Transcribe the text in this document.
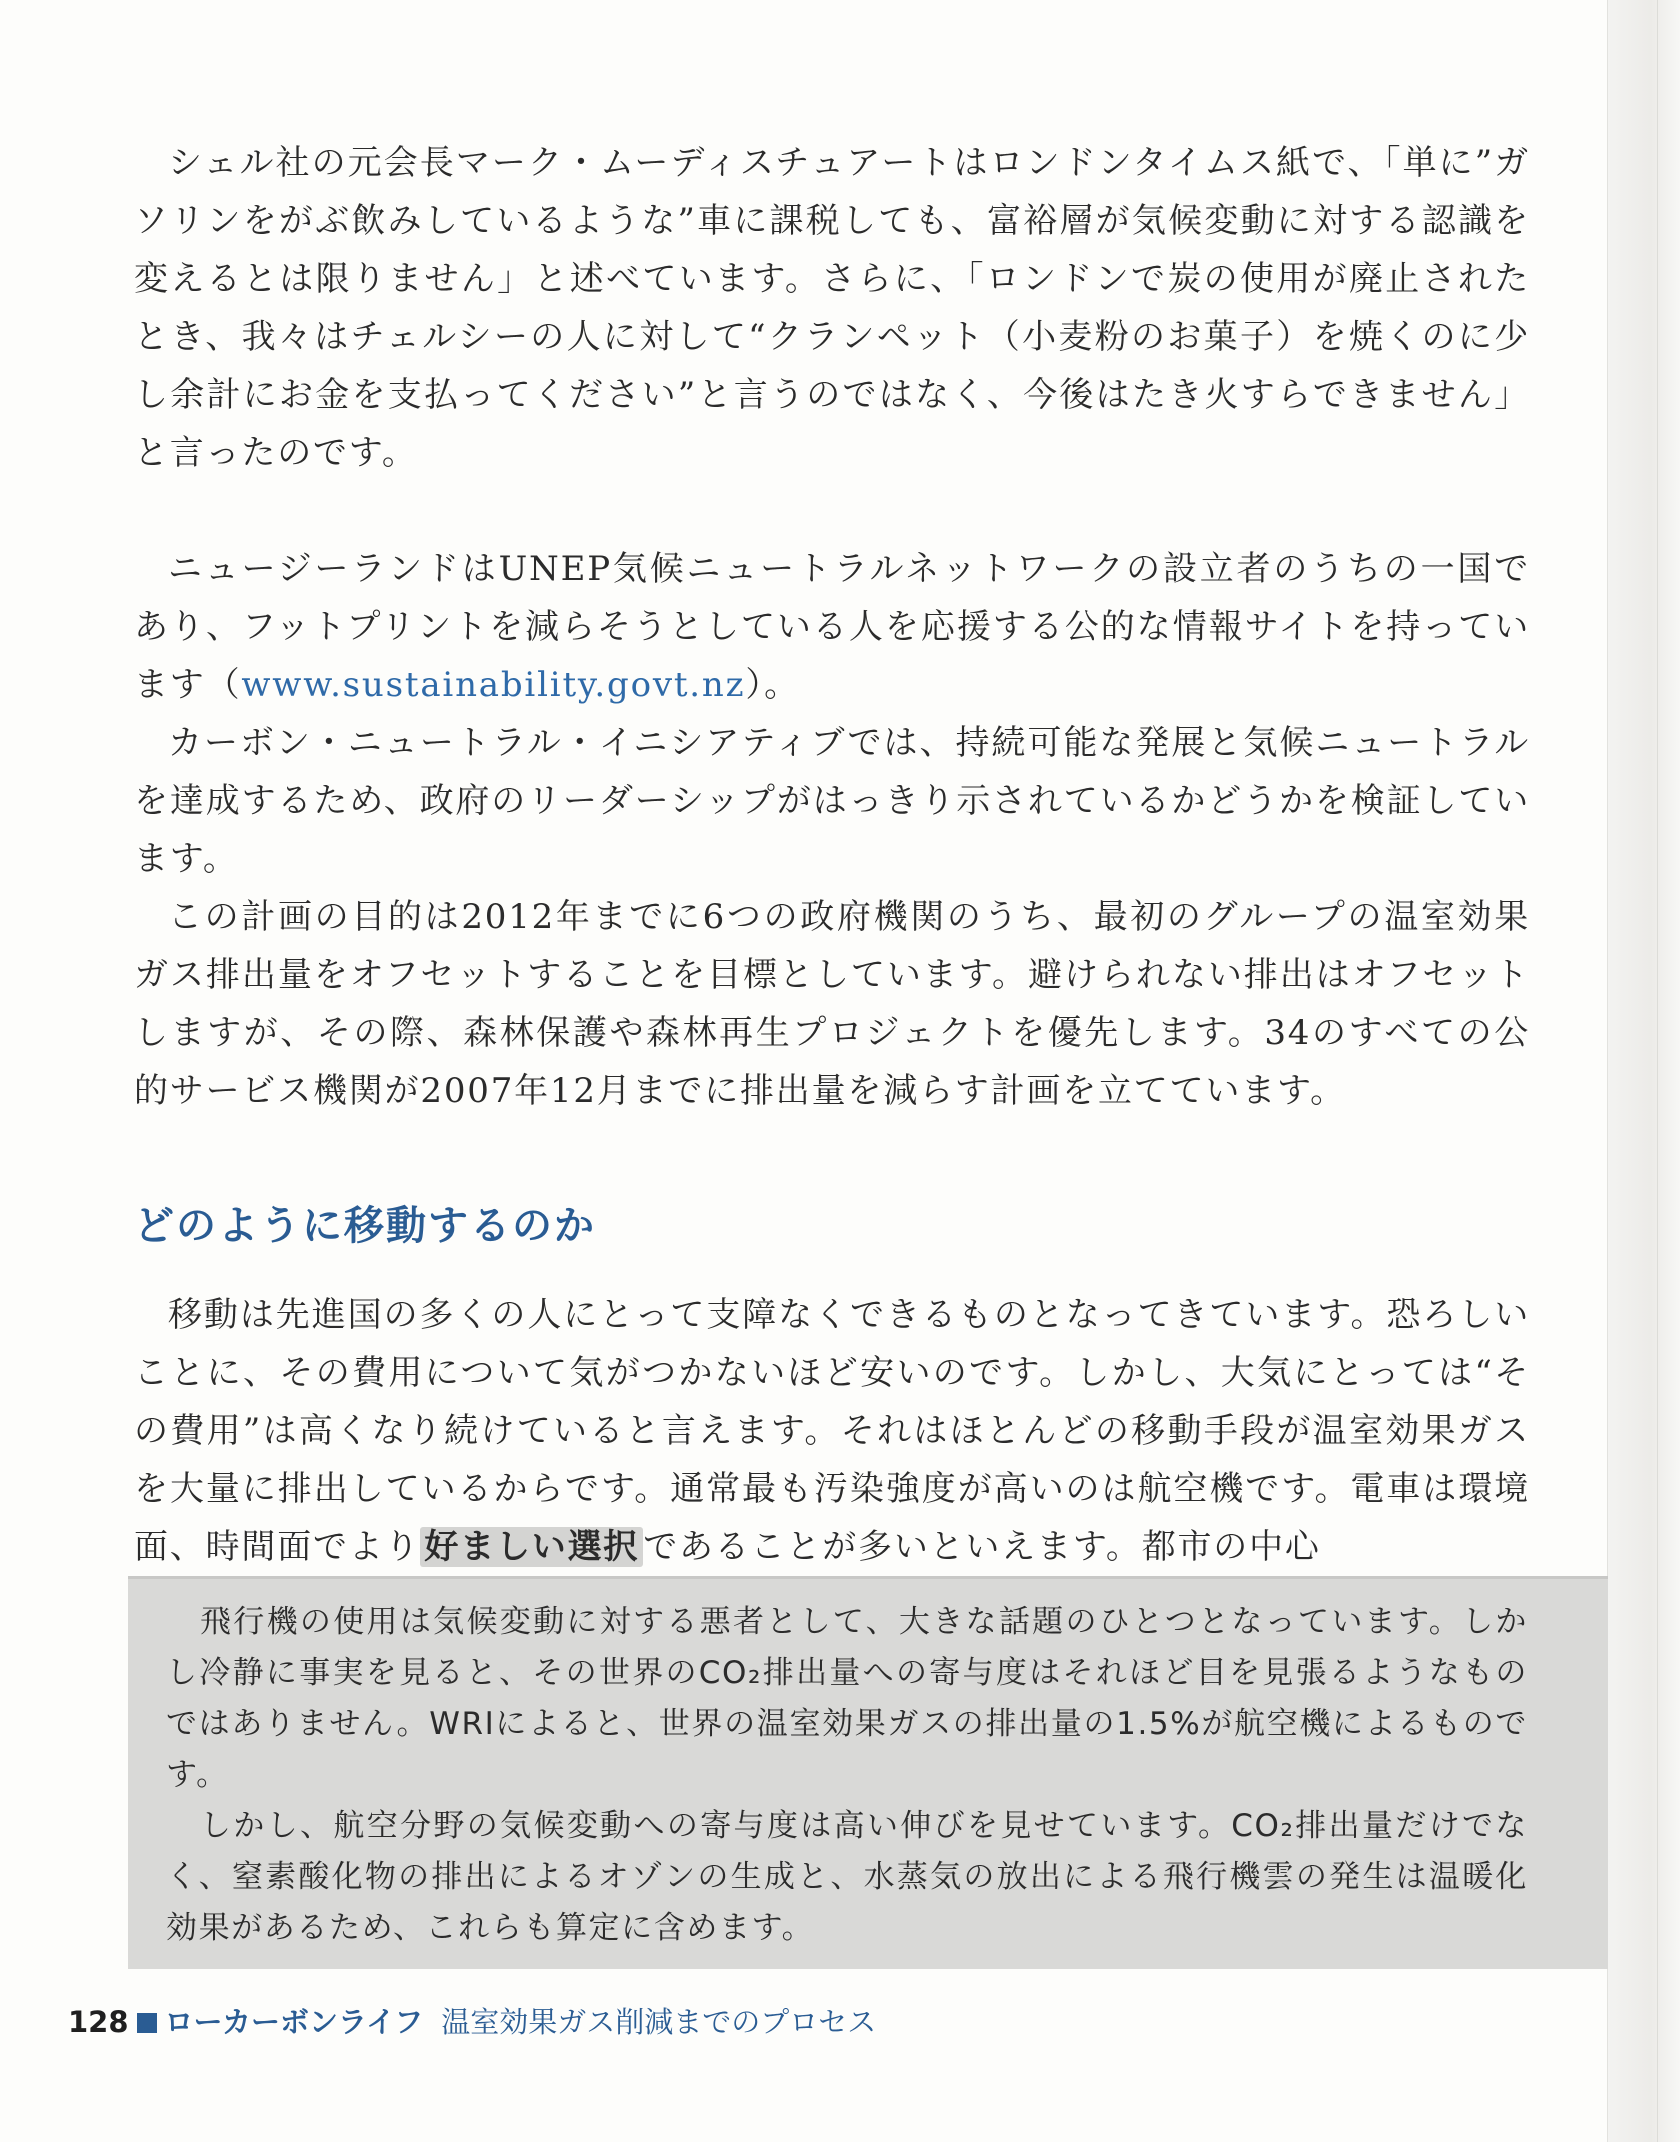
シェル社の元会長マーク・ムーディスチュアートはロンドンタイムス紙で、「単に”ガソリンをがぶ飲みしているような”車に課税しても、富裕層が気候変動に対する認識を変えるとは限りません」と述べています。さらに、「ロンドンで炭の使用が廃止されたとき、我々はチェルシーの人に対して“クランペット（小麦粉のお菓子）を焼くのに少し余計にお金を支払ってください”と言うのではなく、今後はたき火すらできません」と言ったのです。

ニュージーランドはUNEP気候ニュートラルネットワークの設立者のうちの一国であり、フットプリントを減らそうとしている人を応援する公的な情報サイトを持っています（www.sustainability.govt.nz）。

カーボン・ニュートラル・イニシアティブでは、持続可能な発展と気候ニュートラルを達成するため、政府のリーダーシップがはっきり示されているかどうかを検証しています。

この計画の目的は2012年までに6つの政府機関のうち、最初のグループの温室効果ガス排出量をオフセットすることを目標としています。避けられない排出はオフセットしますが、その際、森林保護や森林再生プロジェクトを優先します。34のすべての公的サービス機関が2007年12月までに排出量を減らす計画を立てています。

どのように移動するのか

移動は先進国の多くの人にとって支障なくできるものとなってきています。恐ろしいことに、その費用について気がつかないほど安いのです。しかし、大気にとっては“その費用”は高くなり続けていると言えます。それはほとんどの移動手段が温室効果ガスを大量に排出しているからです。通常最も汚染強度が高いのは航空機です。電車は環境面、時間面でより 好ましい選択 であることが多いといえます。都市の中心

飛行機の使用は気候変動に対する悪者として、大きな話題のひとつとなっています。しかし冷静に事実を見ると、その世界のCO₂排出量への寄与度はそれほど目を見張るようなものではありません。WRIによると、世界の温室効果ガスの排出量の1.5%が航空機によるものです。

しかし、航空分野の気候変動への寄与度は高い伸びを見せています。CO₂排出量だけでなく、窒素酸化物の排出によるオゾンの生成と、水蒸気の放出による飛行機雲の発生は温暖化効果があるため、これらも算定に含めます。

128 ローカーボンライフ 温室効果ガス削減までのプロセス
